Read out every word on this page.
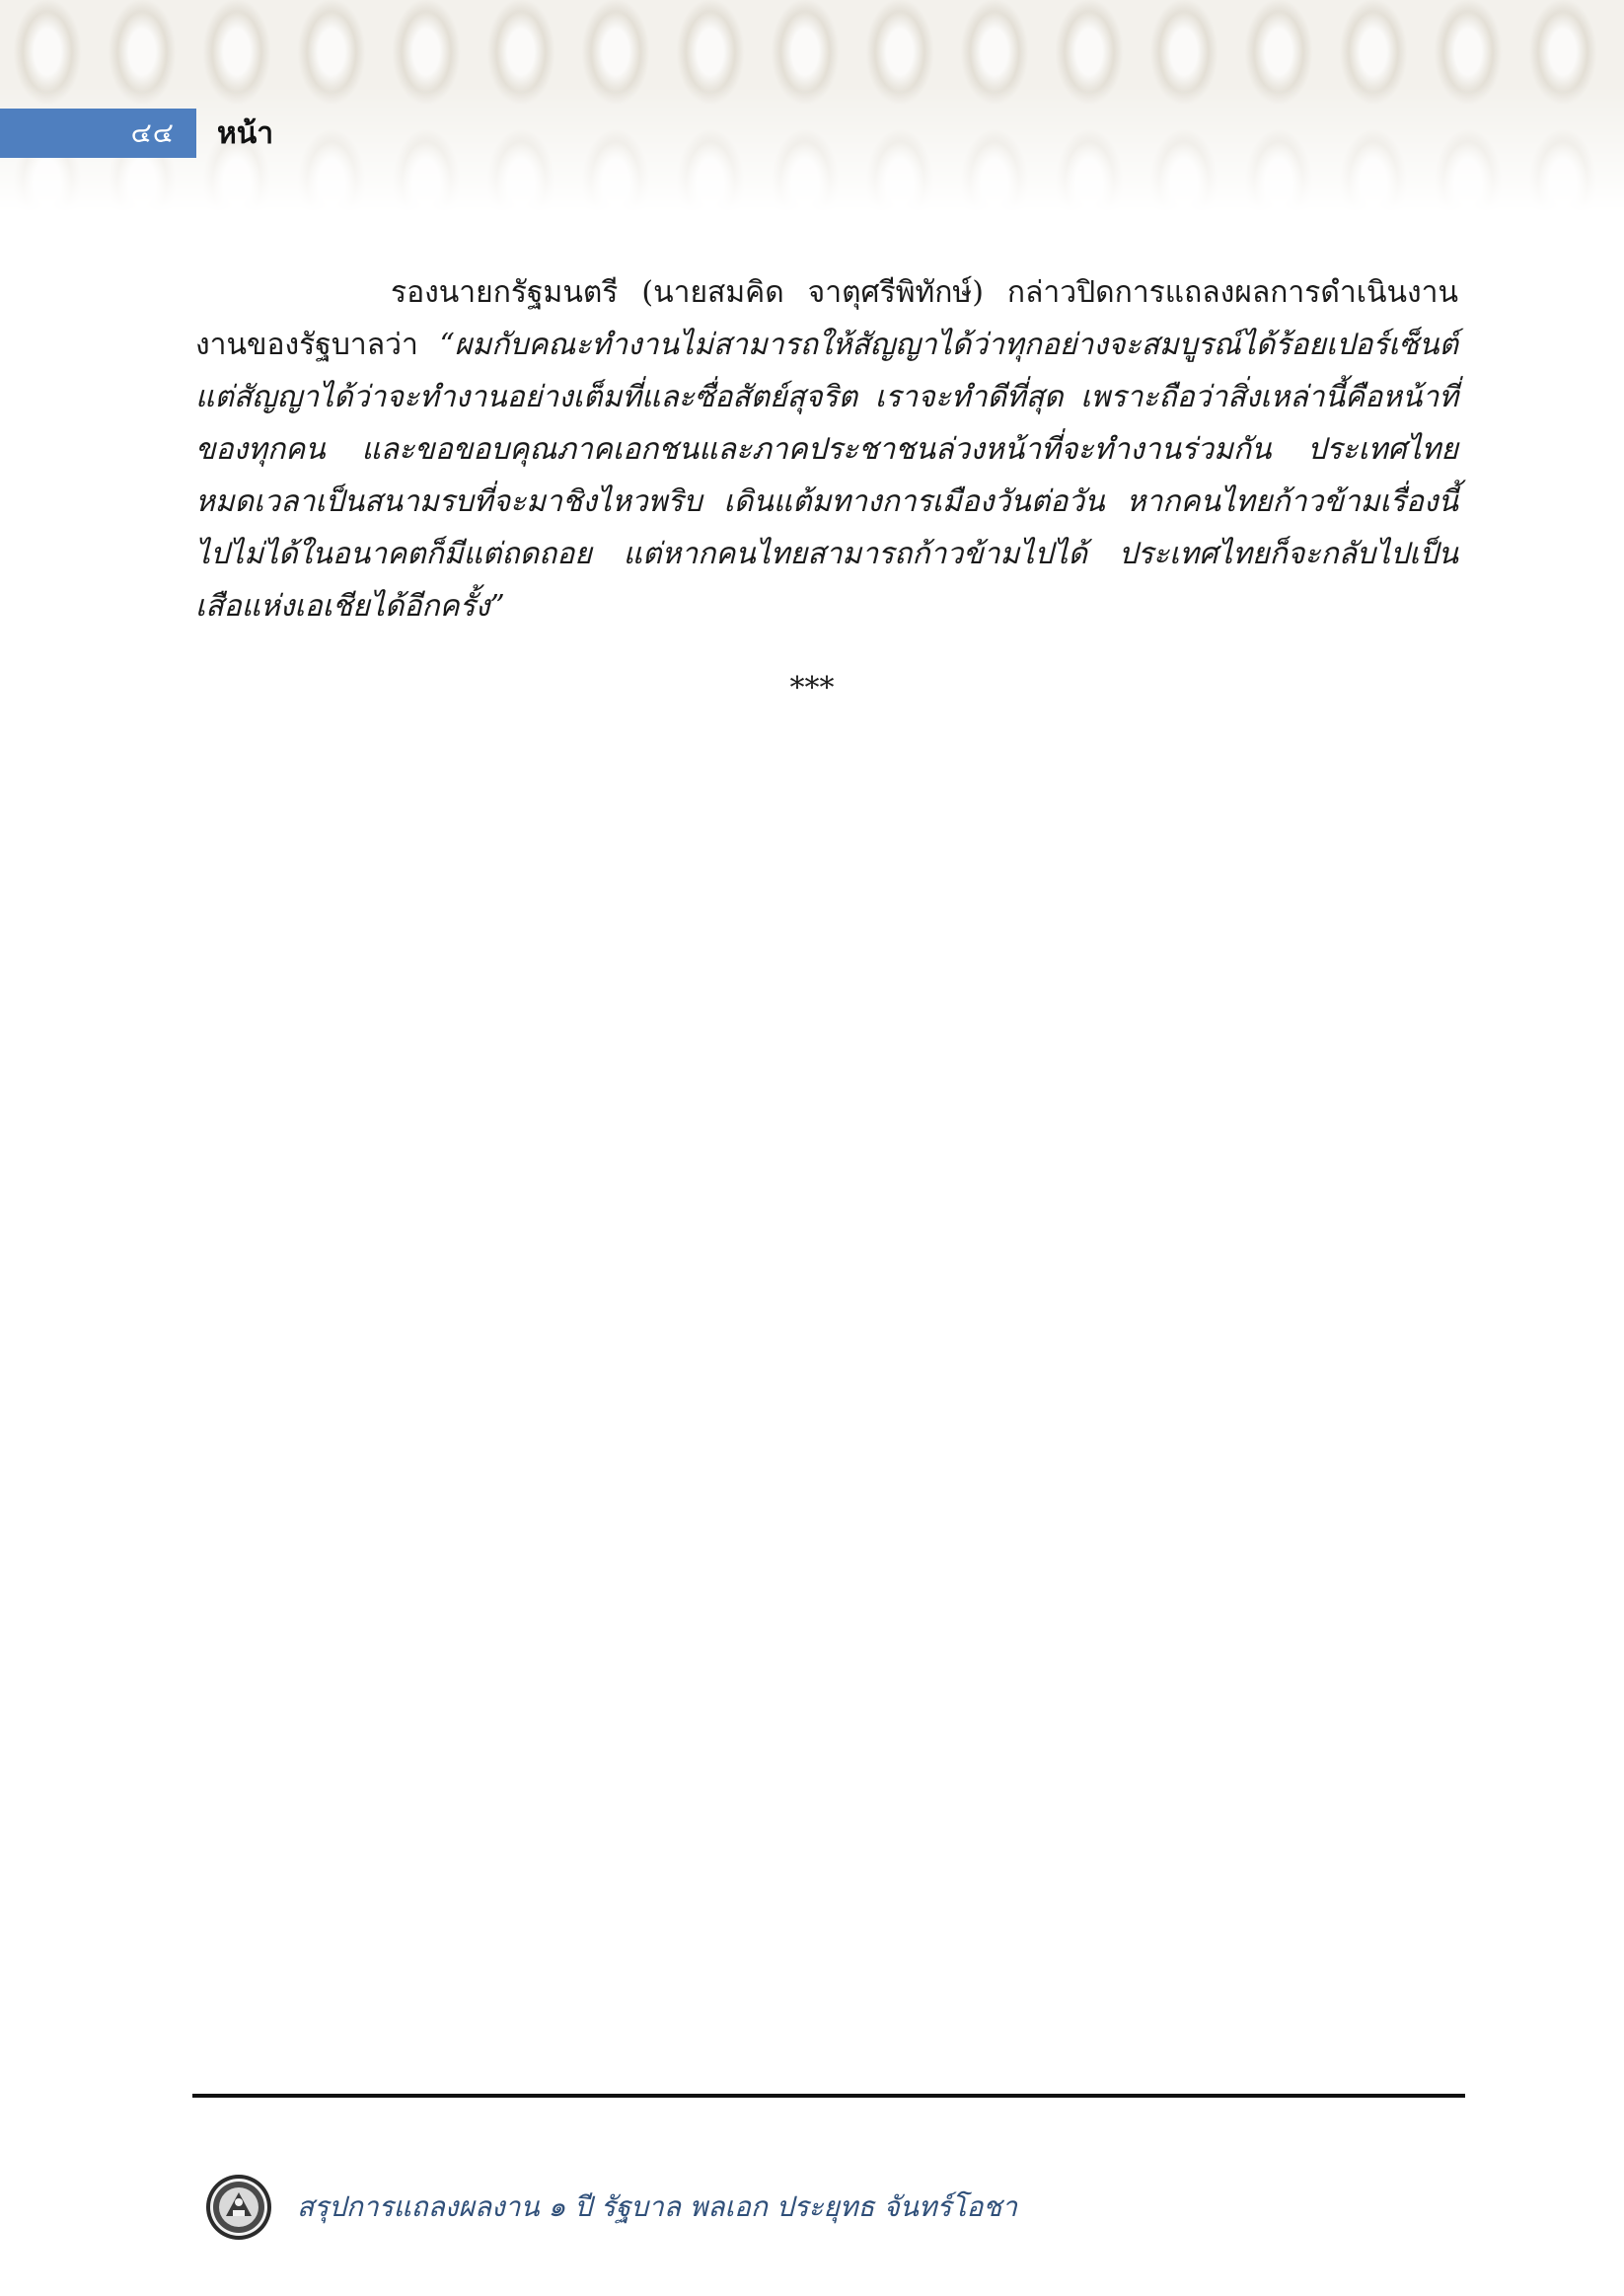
๔๔ หน้า

รองนายกรัฐมนตรี (นายสมคิด จาตุศรีพิทักษ์) กล่าวปิดการแถลงผลการดำเนินงานงานของรัฐบาลว่า “ผมกับคณะทำงานไม่สามารถให้สัญญาได้ว่าทุกอย่างจะสมบูรณ์ได้ร้อยเปอร์เซ็นต์ แต่สัญญาได้ว่าจะทำงานอย่างเต็มที่และซื่อสัตย์สุจริต เราจะทำดีที่สุด เพราะถือว่าสิ่งเหล่านี้คือหน้าที่ของทุกคน และขอขอบคุณภาคเอกชนและภาคประชาชนล่วงหน้าที่จะทำงานร่วมกัน ประเทศไทยหมดเวลาเป็นสนามรบที่จะมาชิงไหวพริบ เดินแต้มทางการเมืองวันต่อวัน หากคนไทยก้าวข้ามเรื่องนี้ไปไม่ได้ในอนาคตก็มีแต่ถดถอย แต่หากคนไทยสามารถก้าวข้ามไปได้ ประเทศไทยก็จะกลับไปเป็นเสือแห่งเอเชียได้อีกครั้ง”

***
สรุปการแถลงผลงาน ๑ ปี รัฐบาล พลเอก ประยุทธ จันทร์โอชา
